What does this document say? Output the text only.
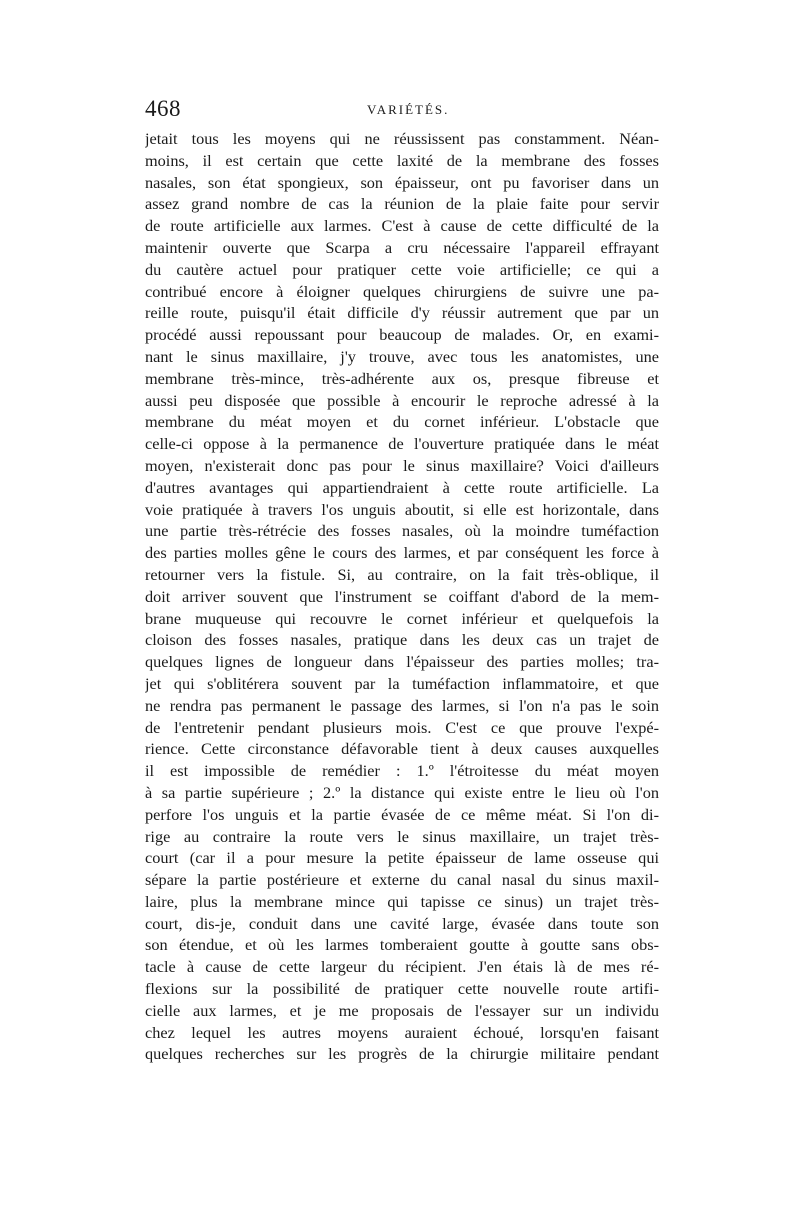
468	VARIÉTÉS.
jetait tous les moyens qui ne réussissent pas constamment. Néan-
moins, il est certain que cette laxité de la membrane des fosses
nasales, son état spongieux, son épaisseur, ont pu favoriser dans un
assez grand nombre de cas la réunion de la plaie faite pour servir
de route artificielle aux larmes. C'est à cause de cette difficulté de la
maintenir ouverte que Scarpa a cru nécessaire l'appareil effrayant
du cautère actuel pour pratiquer cette voie artificielle; ce qui a
contribué encore à éloigner quelques chirurgiens de suivre une pa-
reille route, puisqu'il était difficile d'y réussir autrement que par un
procédé aussi repoussant pour beaucoup de malades. Or, en exami-
nant le sinus maxillaire, j'y trouve, avec tous les anatomistes, une
membrane très-mince, très-adhérente aux os, presque fibreuse et
aussi peu disposée que possible à encourir le reproche adressé à la
membrane du méat moyen et du cornet inférieur. L'obstacle que
celle-ci oppose à la permanence de l'ouverture pratiquée dans le méat
moyen, n'existerait donc pas pour le sinus maxillaire? Voici d'ailleurs
d'autres avantages qui appartiendraient à cette route artificielle. La
voie pratiquée à travers l'os unguis aboutit, si elle est horizontale, dans
une partie très-rétrécie des fosses nasales, où la moindre tuméfaction
des parties molles gêne le cours des larmes, et par conséquent les force à
retourner vers la fistule. Si, au contraire, on la fait très-oblique, il
doit arriver souvent que l'instrument se coiffant d'abord de la mem-
brane muqueuse qui recouvre le cornet inférieur et quelquefois la
cloison des fosses nasales, pratique dans les deux cas un trajet de
quelques lignes de longueur dans l'épaisseur des parties molles; tra-
jet qui s'oblitérera souvent par la tuméfaction inflammatoire, et que
ne rendra pas permanent le passage des larmes, si l'on n'a pas le soin
de l'entretenir pendant plusieurs mois. C'est ce que prouve l'expé-
rience. Cette circonstance défavorable tient à deux causes auxquelles
il est impossible de remédier : 1.º l'étroitesse du méat moyen
à sa partie supérieure ; 2.º la distance qui existe entre le lieu où l'on
perfore l'os unguis et la partie évasée de ce même méat. Si l'on di-
rige au contraire la route vers le sinus maxillaire, un trajet très-
court (car il a pour mesure la petite épaisseur de lame osseuse qui
sépare la partie postérieure et externe du canal nasal du sinus maxil-
laire, plus la membrane mince qui tapisse ce sinus) un trajet très-
court, dis-je, conduit dans une cavité large, évasée dans toute son
son étendue, et où les larmes tomberaient goutte à goutte sans obs-
tacle à cause de cette largeur du récipient. J'en étais là de mes ré-
flexions sur la possibilité de pratiquer cette nouvelle route artifi-
cielle aux larmes, et je me proposais de l'essayer sur un individu
chez lequel les autres moyens auraient échoué, lorsqu'en faisant
quelques recherches sur les progrès de la chirurgie militaire pendant
